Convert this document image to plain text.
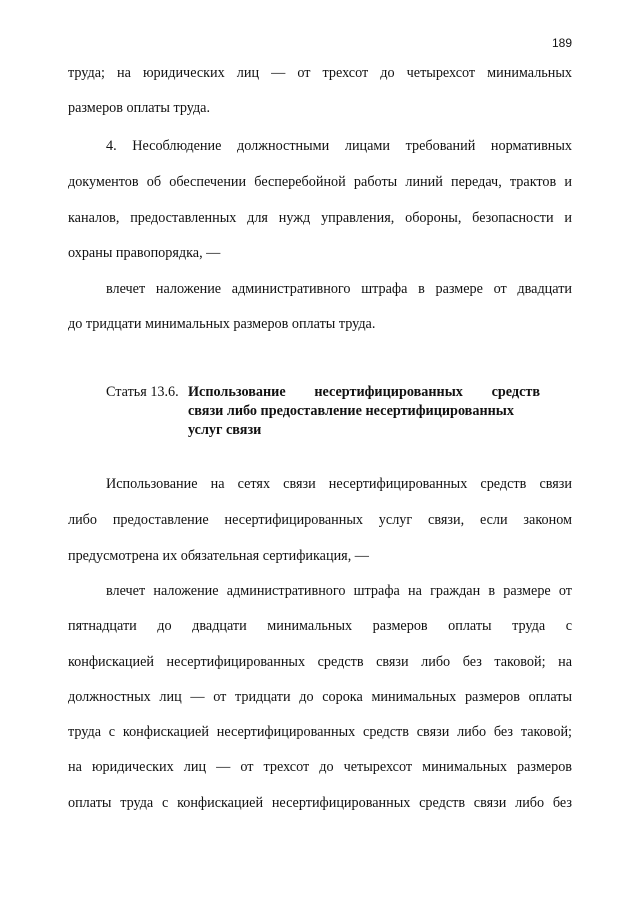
189
труда; на юридических лиц — от трехсот до четырехсот минимальных
размеров оплаты труда.
4. Несоблюдение должностными лицами требований нормативных
документов об обеспечении бесперебойной работы линий передач, трактов и
каналов, предоставленных для нужд управления, обороны, безопасности и
охраны правопорядка, —
влечет наложение административного штрафа в размере от двадцати
до тридцати минимальных размеров оплаты труда.
Статья 13.6. Использование несертифицированных средств
связи либо предоставление несертифицированных
услуг связи
Использование на сетях связи несертифицированных средств связи
либо предоставление несертифицированных услуг связи, если законом
предусмотрена их обязательная сертификация, —
влечет наложение административного штрафа на граждан в размере от
пятнадцати до двадцати минимальных размеров оплаты труда с
конфискацией несертифицированных средств связи либо без таковой; на
должностных лиц — от тридцати до сорока минимальных размеров оплаты
труда с конфискацией несертифицированных средств связи либо без таковой;
на юридических лиц — от трехсот до четырехсот минимальных размеров
оплаты труда с конфискацией несертифицированных средств связи либо без
